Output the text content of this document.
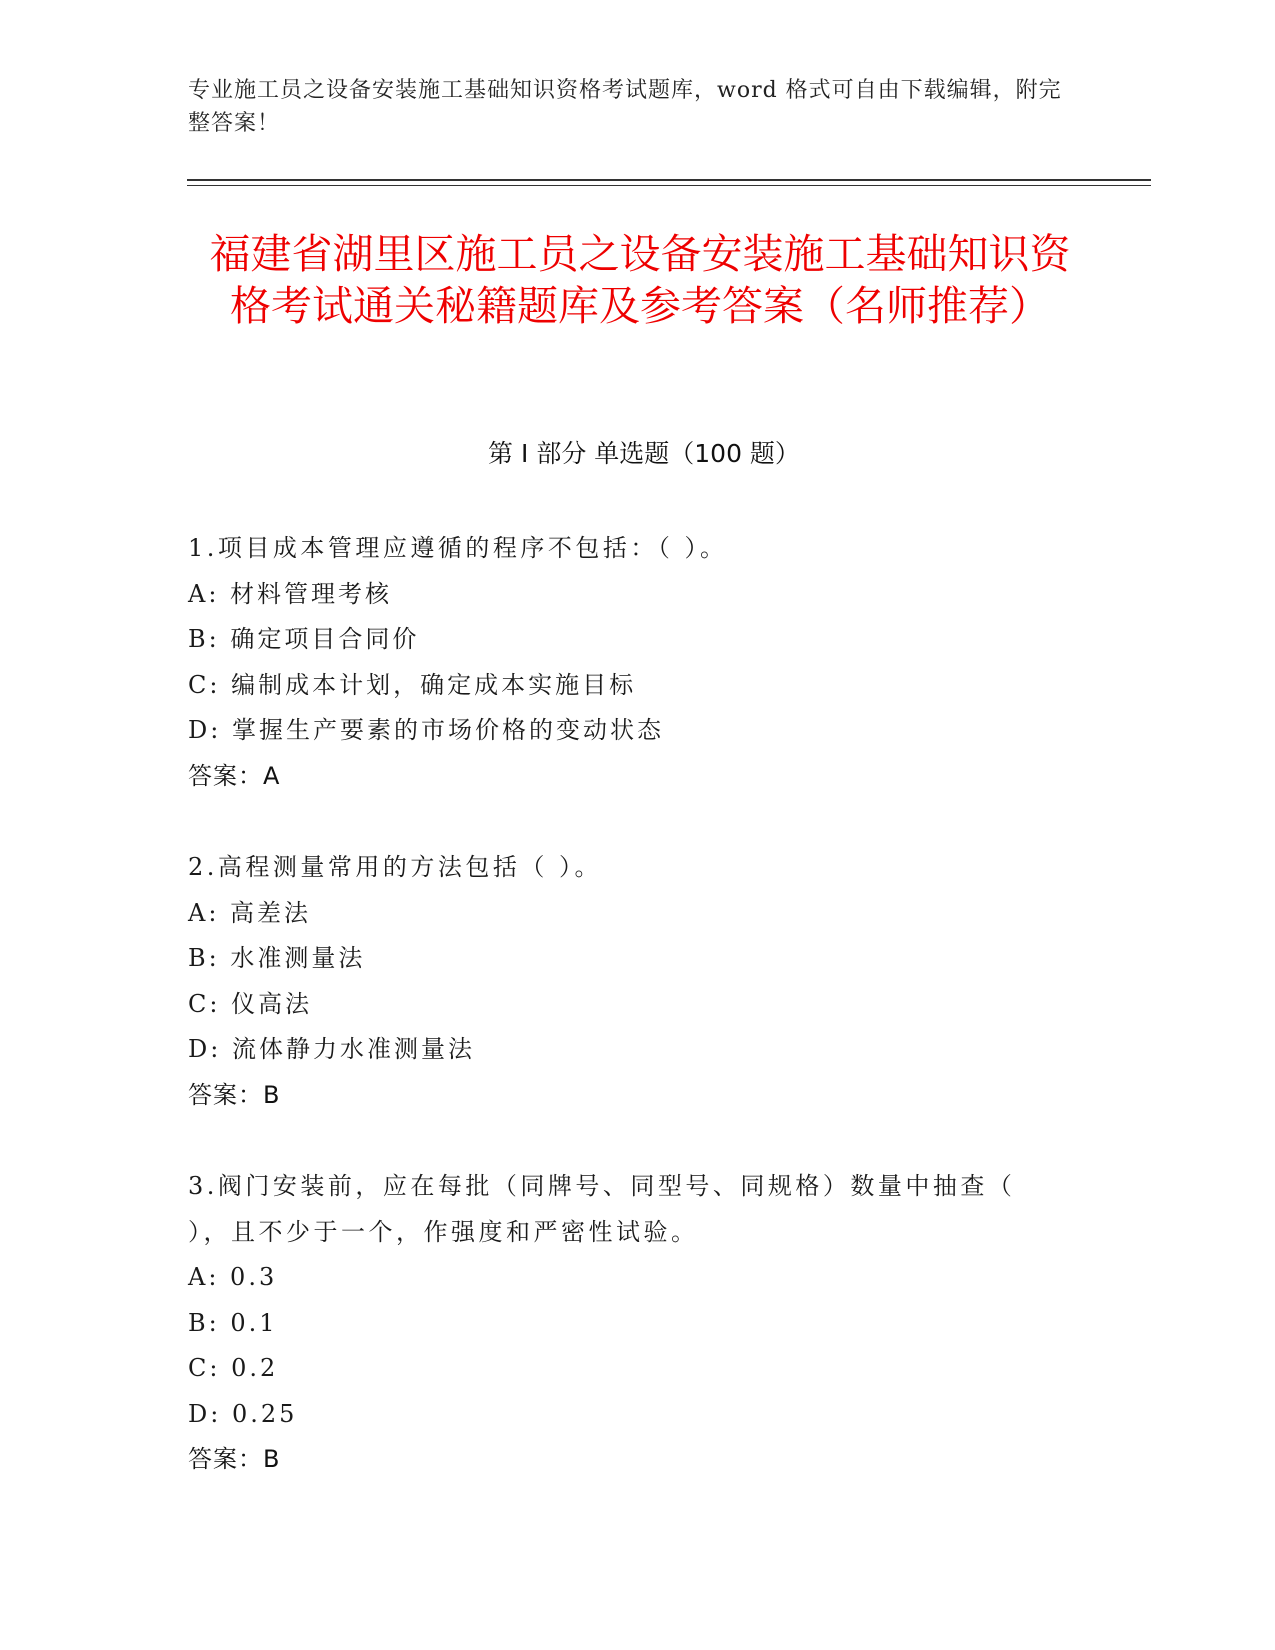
专业施工员之设备安装施工基础知识资格考试题库，word 格式可自由下载编辑，附完整答案！
福建省湖里区施工员之设备安装施工基础知识资格考试通关秘籍题库及参考答案（名师推荐）
第 I 部分 单选题（100 题）
1.项目成本管理应遵循的程序不包括：（ ）。
A: 材料管理考核
B: 确定项目合同价
C: 编制成本计划，确定成本实施目标
D: 掌握生产要素的市场价格的变动状态
答案：A
2.高程测量常用的方法包括（ ）。
A: 高差法
B: 水准测量法
C: 仪高法
D: 流体静力水准测量法
答案：B
3.阀门安装前，应在每批（同牌号、同型号、同规格）数量中抽查（ ），且不少于一个，作强度和严密性试验。
A: 0.3
B: 0.1
C: 0.2
D: 0.25
答案：B
